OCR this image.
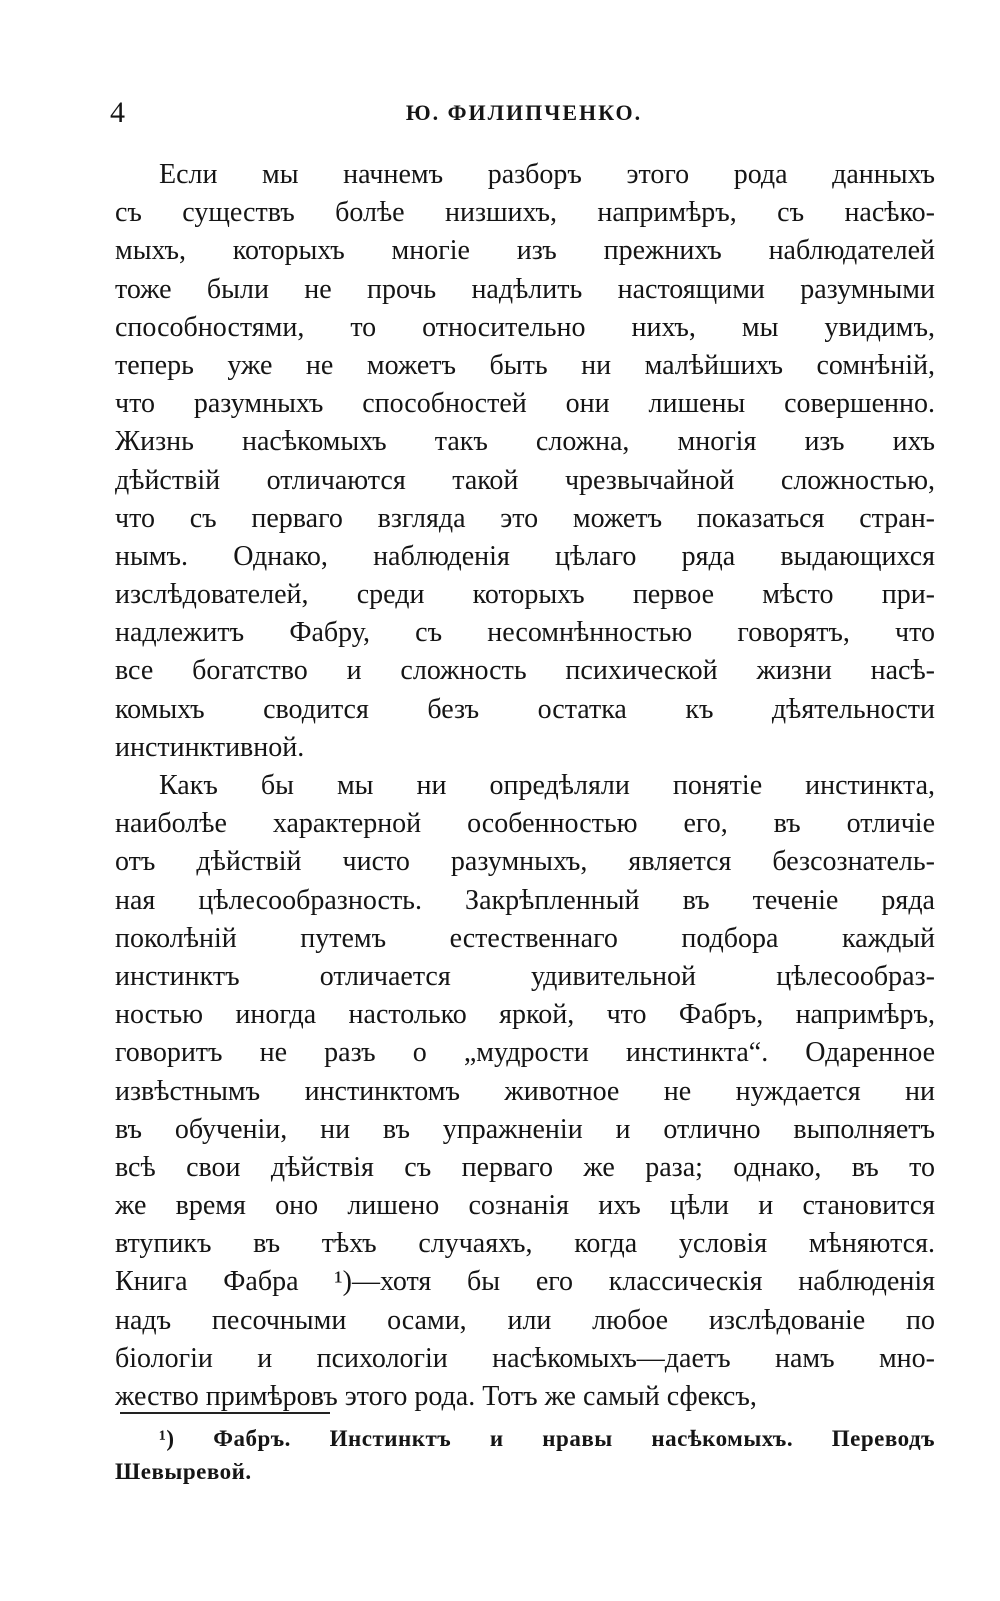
4	Ю. ФИЛИПЧЕНКО.
Если мы начнемъ разборъ этого рода данныхъ
съ существъ болѣе низшихъ, напримѣръ, съ насѣко-
мыхъ, которыхъ многіе изъ прежнихъ наблюдателей
тоже были не прочь надѣлить настоящими разумными
способностями, то относительно нихъ, мы увидимъ,
теперь уже не можетъ быть ни малѣйшихъ сомнѣній,
что разумныхъ способностей они лишены совершенно.
Жизнь насѣкомыхъ такъ сложна, многія изъ ихъ
дѣйствій отличаются такой чрезвычайной сложностью,
что съ перваго взгляда это можетъ показаться стран-
нымъ. Однако, наблюденія цѣлаго ряда выдающихся
изслѣдователей, среди которыхъ первое мѣсто при-
надлежитъ Фабру, съ несомнѣнностью говорятъ, что
все богатство и сложность психической жизни насѣ-
комыхъ сводится безъ остатка къ дѣятельности
инстинктивной.
Какъ бы мы ни опредѣляли понятіе инстинкта,
наиболѣе характерной особенностью его, въ отличіе
отъ дѣйствій чисто разумныхъ, является безсознатель-
ная цѣлесообразность. Закрѣпленный въ теченіе ряда
поколѣній путемъ естественнаго подбора каждый
инстинктъ отличается удивительной цѣлесообраз-
ностью иногда настолько яркой, что Фабръ, напримѣръ,
говоритъ не разъ о „мудрости инстинкта“. Одаренное
извѣстнымъ инстинктомъ животное не нуждается ни
въ обученіи, ни въ упражненіи и отлично выполняетъ
всѣ свои дѣйствія съ перваго же раза; однако, въ то
же время оно лишено сознанія ихъ цѣли и становится
втупикъ въ тѣхъ случаяхъ, когда условія мѣняются.
Книга Фабра ¹)—хотя бы его классическія наблюденія
надъ песочными осами, или любое изслѣдованіе по
біологіи и психологіи насѣкомыхъ—даетъ намъ мно-
жество примѣровъ этого рода. Тотъ же самый сфексъ,
¹) Фабръ. Инстинктъ и нравы насѣкомыхъ. Переводъ
Шевыревой.
